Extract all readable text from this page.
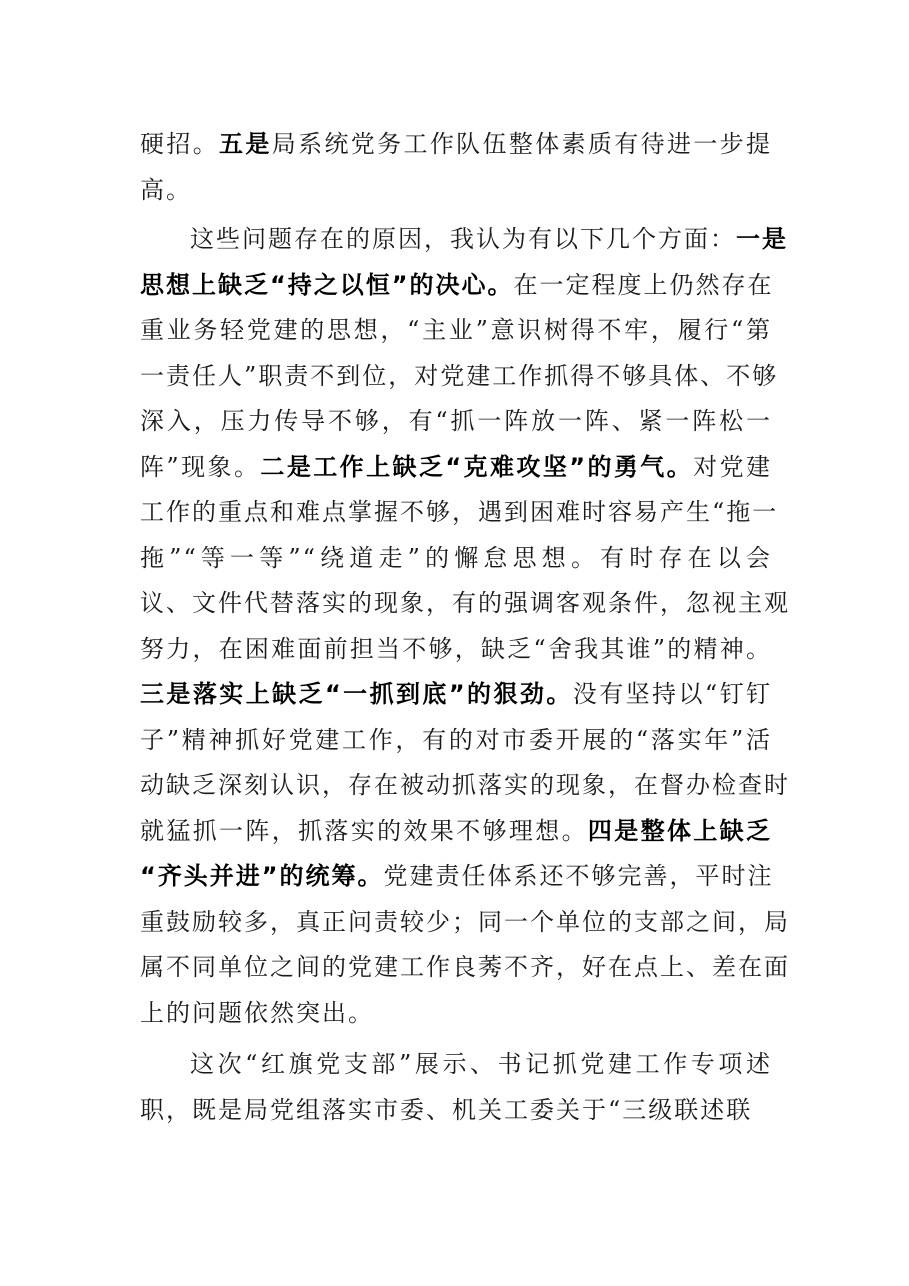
硬招。五是局系统党务工作队伍整体素质有待进一步提
高。
这些问题存在的原因，我认为有以下几个方面：一是
思想上缺乏“持之以恒”的决心。在一定程度上仍然存在
重业务轻党建的思想，“主业”意识树得不牢，履行“第
一责任人”职责不到位，对党建工作抓得不够具体、不够
深入，压力传导不够，有“抓一阵放一阵、紧一阵松一
阵”现象。二是工作上缺乏“克难攻坚”的勇气。对党建
工作的重点和难点掌握不够，遇到困难时容易产生“拖一
拖”“等一等”“绕道走”的懈怠思想。有时存在以会
议、文件代替落实的现象，有的强调客观条件，忽视主观
努力，在困难面前担当不够，缺乏“舍我其谁”的精神。
三是落实上缺乏“一抓到底”的狠劲。没有坚持以“钉钉
子”精神抓好党建工作，有的对市委开展的“落实年”活
动缺乏深刻认识，存在被动抓落实的现象，在督办检查时
就猛抓一阵，抓落实的效果不够理想。四是整体上缺乏
“齐头并进”的统筹。党建责任体系还不够完善，平时注
重鼓励较多，真正问责较少；同一个单位的支部之间，局
属不同单位之间的党建工作良莠不齐，好在点上、差在面
上的问题依然突出。
这次“红旗党支部”展示、书记抓党建工作专项述
职，既是局党组落实市委、机关工委关于“三级联述联
